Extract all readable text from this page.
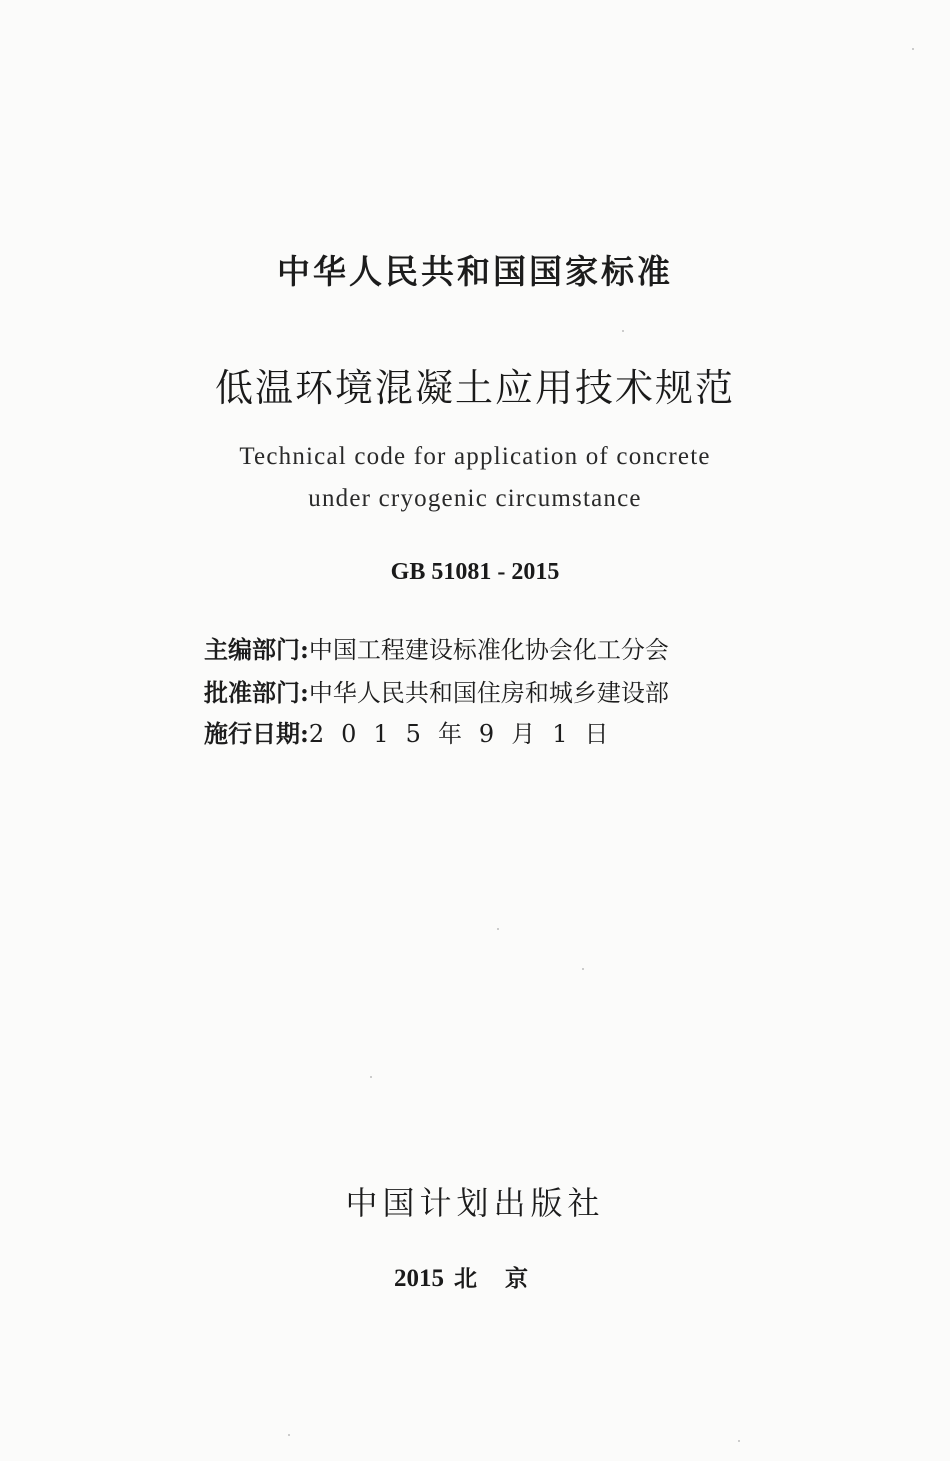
中华人民共和国国家标准
低温环境混凝土应用技术规范
Technical code for application of concrete
under cryogenic circumstance
GB 51081 - 2015
主编部门:中国工程建设标准化协会化工分会
批准部门:中华人民共和国住房和城乡建设部
施行日期:2015年9月1日
中国计划出版社
2015 北京
